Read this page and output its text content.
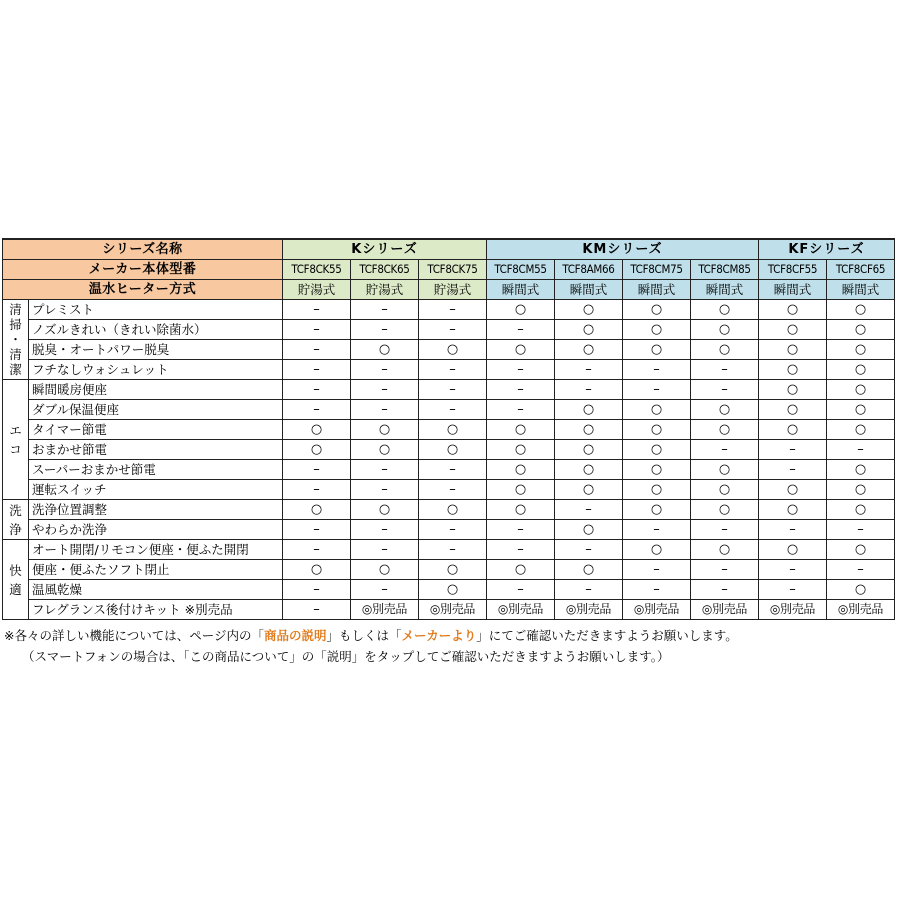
シリーズ名称		Kシリーズ			KMシリーズ				KFシリーズ	
メーカー本体型番		TCF8CK55	TCF8CK65	TCF8CK75	TCF8CM55	TCF8AM66	TCF8CM75	TCF8CM85	TCF8CF55	TCF8CF65
温水ヒーター方式		貯湯式	貯湯式	貯湯式	瞬間式	瞬間式	瞬間式	瞬間式	瞬間式	瞬間式

清
掃
・
清
潔	プレミスト	–	–	–	○	○	○	○	○	○
	ノズルきれい（きれい除菌水）	–	–	–	–	○	○	○	○	○
	脱臭・オートパワー脱臭	–	○	○	○	○	○	○	○	○
	フチなしウォシュレット	–	–	–	–	–	–	–	○	○

エ
コ	瞬間暖房便座	–	–	–	–	–	–	–	○	○
	ダブル保温便座	–	–	–	–	○	○	○	○	○
	タイマー節電	○	○	○	○	○	○	○	○	○
	おまかせ節電	○	○	○	○	○	○	–	–	–
	スーパーおまかせ節電	–	–	–	○	○	○	○	–	○
	運転スイッチ	–	–	–	○	○	○	○	○	○

洗
浄	洗浄位置調整	○	○	○	○	–	○	○	○	○
	やわらか洗浄	–	–	–	–	○	–	–	–	–

快
適	オート開閉/リモコン便座・便ふた開閉	–	–	–	–	–	○	○	○	○
	便座・便ふたソフト閉止	○	○	○	○	○	–	–	–	–
	温風乾燥	–	–	○	–	–	–	–	–	○
	フレグランス後付けキット ※別売品	–	◎別売品	◎別売品	◎別売品	◎別売品	◎別売品	◎別売品	◎別売品	◎別売品
※各々の詳しい機能については、ページ内の「商品の説明」もしくは「メーカーより」にてご確認いただきますようお願いします。
（スマートフォンの場合は、「この商品について」の「説明」をタップしてご確認いただきますようお願いします。）
